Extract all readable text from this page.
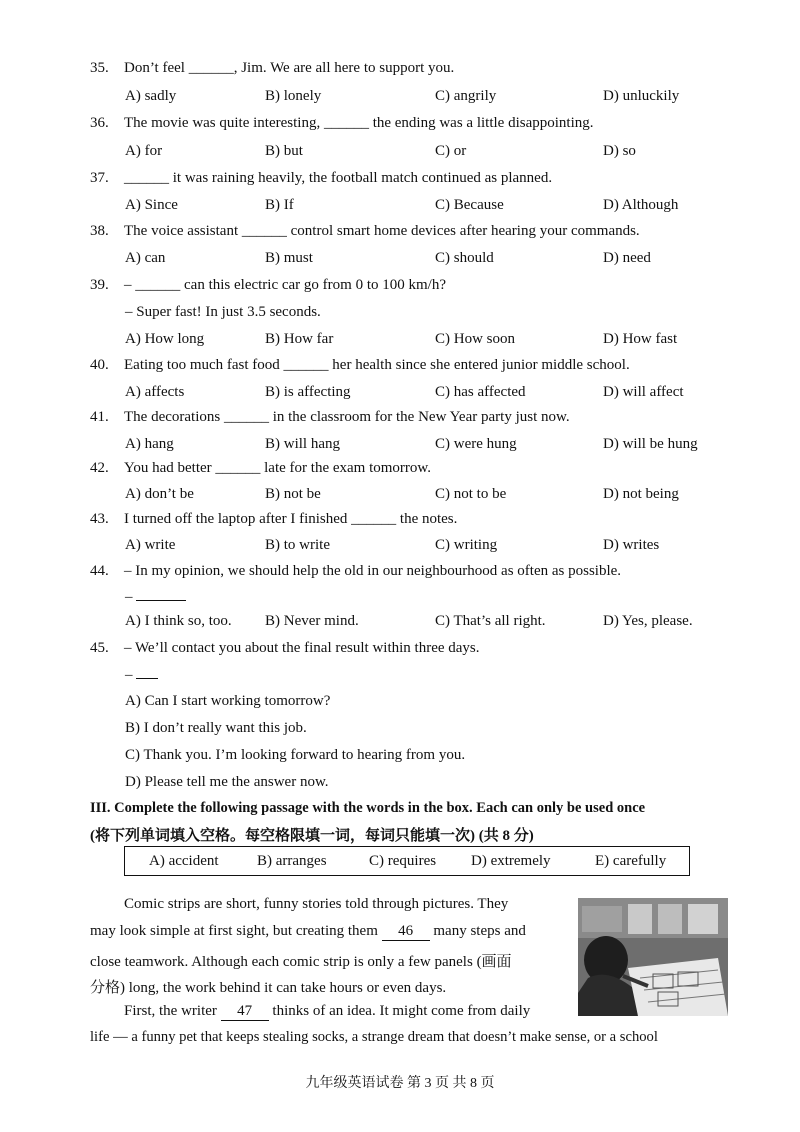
35. Don’t feel ______, Jim. We are all here to support you.
A) sadly	B) lonely	C) angrily	D) unluckily
36. The movie was quite interesting, ______ the ending was a little disappointing.
A) for	B) but	C) or	D) so
37. ______ it was raining heavily, the football match continued as planned.
A) Since	B) If	C) Because	D) Although
38. The voice assistant ______ control smart home devices after hearing your commands.
A) can	B) must	C) should	D) need
39. – ______ can this electric car go from 0 to 100 km/h?
– Super fast! In just 3.5 seconds.
A) How long	B) How far	C) How soon	D) How fast
40. Eating too much fast food ______ her health since she entered junior middle school.
A) affects	B) is affecting	C) has affected	D) will affect
41. The decorations ______ in the classroom for the New Year party just now.
A) hang	B) will hang	C) were hung	D) will be hung
42. You had better ______ late for the exam tomorrow.
A) don’t be	B) not be	C) not to be	D) not being
43. I turned off the laptop after I finished ______ the notes.
A) write	B) to write	C) writing	D) writes
44. – In my opinion, we should help the old in our neighbourhood as often as possible.
–
A) I think so, too. B) Never mind.	C) That’s all right.	D) Yes, please.
45. – We’ll contact you about the final result within three days.
–
A) Can I start working tomorrow?
B) I don’t really want this job.
C) Thank you. I’m looking forward to hearing from you.
D) Please tell me the answer now.
III. Complete the following passage with the words in the box. Each can only be used once
(将下列单词填入空格。每空格限填一词，每词只能填一次) (共 8 分)
A) accident	B) arranges	C) requires D) extremely	E) carefully
Comic strips are short, funny stories told through pictures. They
may look simple at first sight, but creating them 46 many steps and
close teamwork. Although each comic strip is only a few panels (画面
分格) long, the work behind it can take hours or even days.
First, the writer 47 thinks of an idea. It might come from daily
life — a funny pet that keeps stealing socks, a strange dream that doesn’t make sense, or a school
九年级英语试卷 第 3 页 共 8 页
